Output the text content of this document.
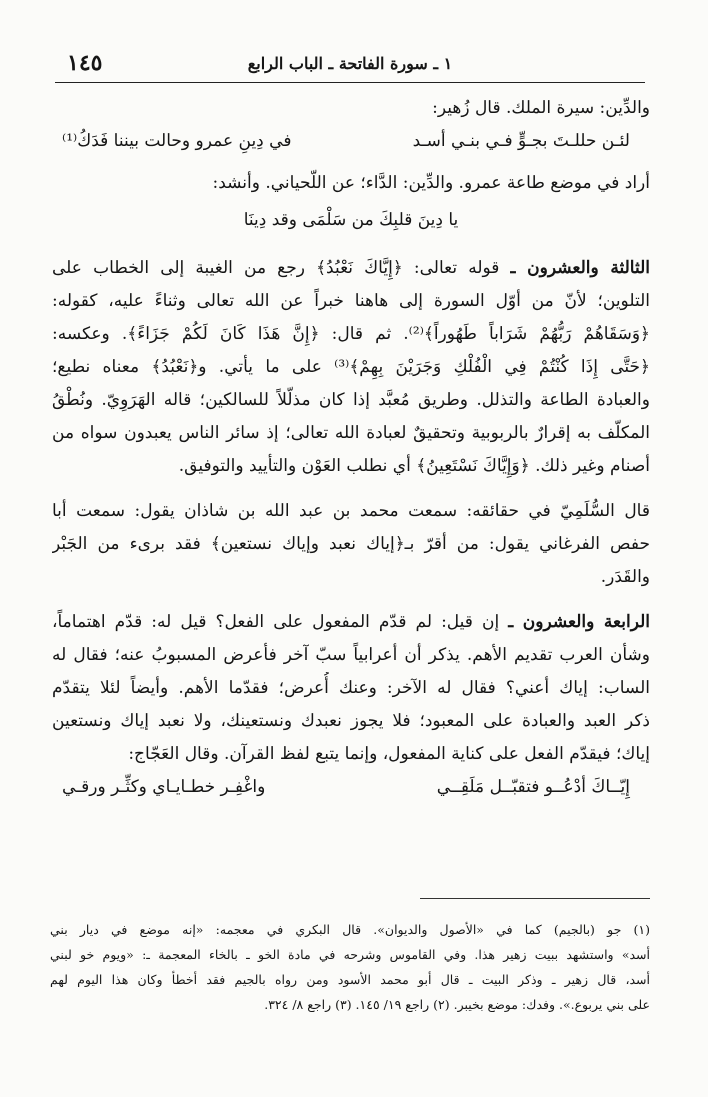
١٤٥	١ ـ سورة الفاتحة ـ الباب الرابع
والدِّين: سيرة الملك. قال زُهير:
لئـن حللـتَ بجـوٍّ فـي بنـي أسـد
في دِينِ عمرو وحالت بيننا فَدَكُ⁽¹⁾
أراد في موضع طاعة عمرو. والدِّين: الدَّاء؛ عن اللّحياني. وأنشد:
يا دِينَ قلبِكَ من سَلْمَى وقد دِينَا
الثالثة والعشرون ـ قوله تعالى: ﴿إِيَّاكَ نَعْبُدُ﴾ رجع من الغيبة إلى الخطاب على
التلوين؛ لأنّ من أوّل السورة إلى هاهنا خبراً عن الله تعالى وثناءً عليه، كقوله:
﴿وَسَقَاهُمْ رَبُّهُمْ شَرَاباً طَهُوراً﴾⁽²⁾. ثم قال: ﴿إِنَّ هَذَا كَانَ لَكُمْ جَزَاءً﴾. وعكسه:
﴿حَتَّى إِذَا كُنْتُمْ فِي الْفُلْكِ وَجَرَيْنَ بِهِمْ﴾⁽³⁾ على ما يأتي. و﴿نَعْبُدُ﴾ معناه نطيع؛
والعبادة الطاعة والتذلل. وطريق مُعبَّد إذا كان مذلّلاً للسالكين؛ قاله الهَرَوِيّ. ونُطْقُ
المكلّف به إقرارٌ بالربوبية وتحقيقٌ لعبادة الله تعالى؛ إذ سائر الناس يعبدون سواه من
أصنام وغير ذلك. ﴿وَإِيَّاكَ نَسْتَعِينُ﴾ أي نطلب العَوْن والتأييد والتوفيق.
قال السُّلَمِيّ في حقائقه: سمعت محمد بن عبد الله بن شاذان يقول: سمعت أبا
حفص الفرغاني يقول: من أقرّ بـ﴿إياك نعبد وإياك نستعين﴾ فقد برىء من الجَبْر
والقَدَر.
الرابعة والعشرون ـ إن قيل: لم قدّم المفعول على الفعل؟ قيل له: قدّم اهتماماً،
وشأن العرب تقديم الأهم. يذكر أن أعرابياً سبّ آخر فأعرض المسبوبُ عنه؛ فقال له
الساب: إياك أعني؟ فقال له الآخر: وعنك أُعرض؛ فقدّما الأهم. وأيضاً لئلا يتقدّم
ذكر العبد والعبادة على المعبود؛ فلا يجوز نعبدك ونستعينك، ولا نعبد إياك ونستعين
إياك؛ فيقدّم الفعل على كناية المفعول، وإنما يتبع لفظ القرآن. وقال العَجّاج:
إِيّــاكَ أدْعُــو فتقبّــل مَلَقِــي
واغْفِـر خطـايـاي وكثِّـر ورقـي
(١) جو (بالجيم) كما في «الأصول والديوان». قال البكري في معجمه: «إنه موضع في ديار بني
أسد» واستشهد ببيت زهير هذا. وفي القاموس وشرحه في مادة الخو ـ بالخاء المعجمة ـ: «ويوم خو لبني
أسد، قال زهير ـ وذكر البيت ـ قال أبو محمد الأسود ومن رواه بالجيم فقد أخطأ وكان هذا اليوم لهم
على بني يربوع.». وفدك: موضع بخيبر. (٢) راجع ١٩/ ١٤٥. (٣) راجع ٨/ ٣٢٤.
